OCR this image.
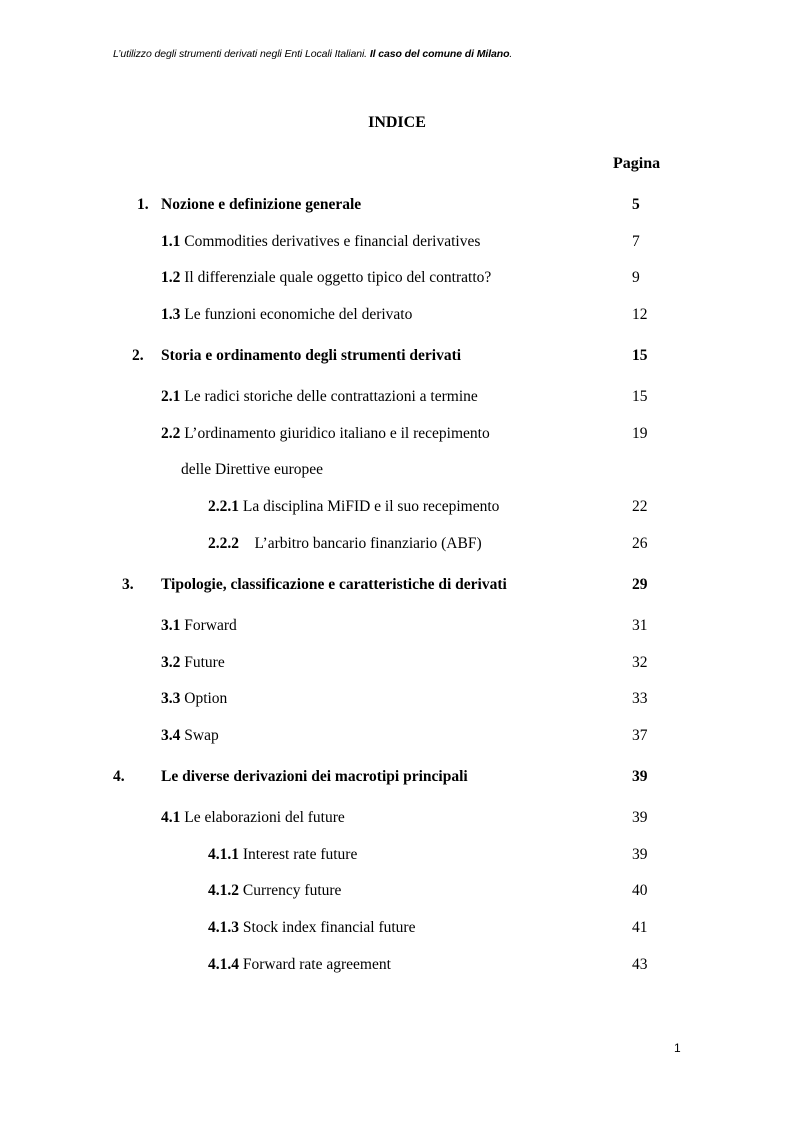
L’utilizzo degli strumenti derivati negli Enti Locali Italiani. Il caso del comune di Milano.
INDICE
Pagina
1. Nozione e definizione generale	5
1.1 Commodities derivatives e financial derivatives	7
1.2 Il differenziale quale oggetto tipico del contratto?	9
1.3 Le funzioni economiche del derivato	12
2. Storia e ordinamento degli strumenti derivati	15
2.1 Le radici storiche delle contrattazioni a termine	15
2.2 L’ordinamento giuridico italiano e il recepimento	19
delle Direttive europee
2.2.1 La disciplina MiFID e il suo recepimento	22
2.2.2 L’arbitro bancario finanziario (ABF)	26
3. Tipologie, classificazione e caratteristiche di derivati	29
3.1 Forward	31
3.2 Future	32
3.3 Option	33
3.4 Swap	37
4. Le diverse derivazioni dei macrotipi principali	39
4.1 Le elaborazioni del future	39
4.1.1 Interest rate future	39
4.1.2 Currency future	40
4.1.3 Stock index financial future	41
4.1.4 Forward rate agreement	43
1
